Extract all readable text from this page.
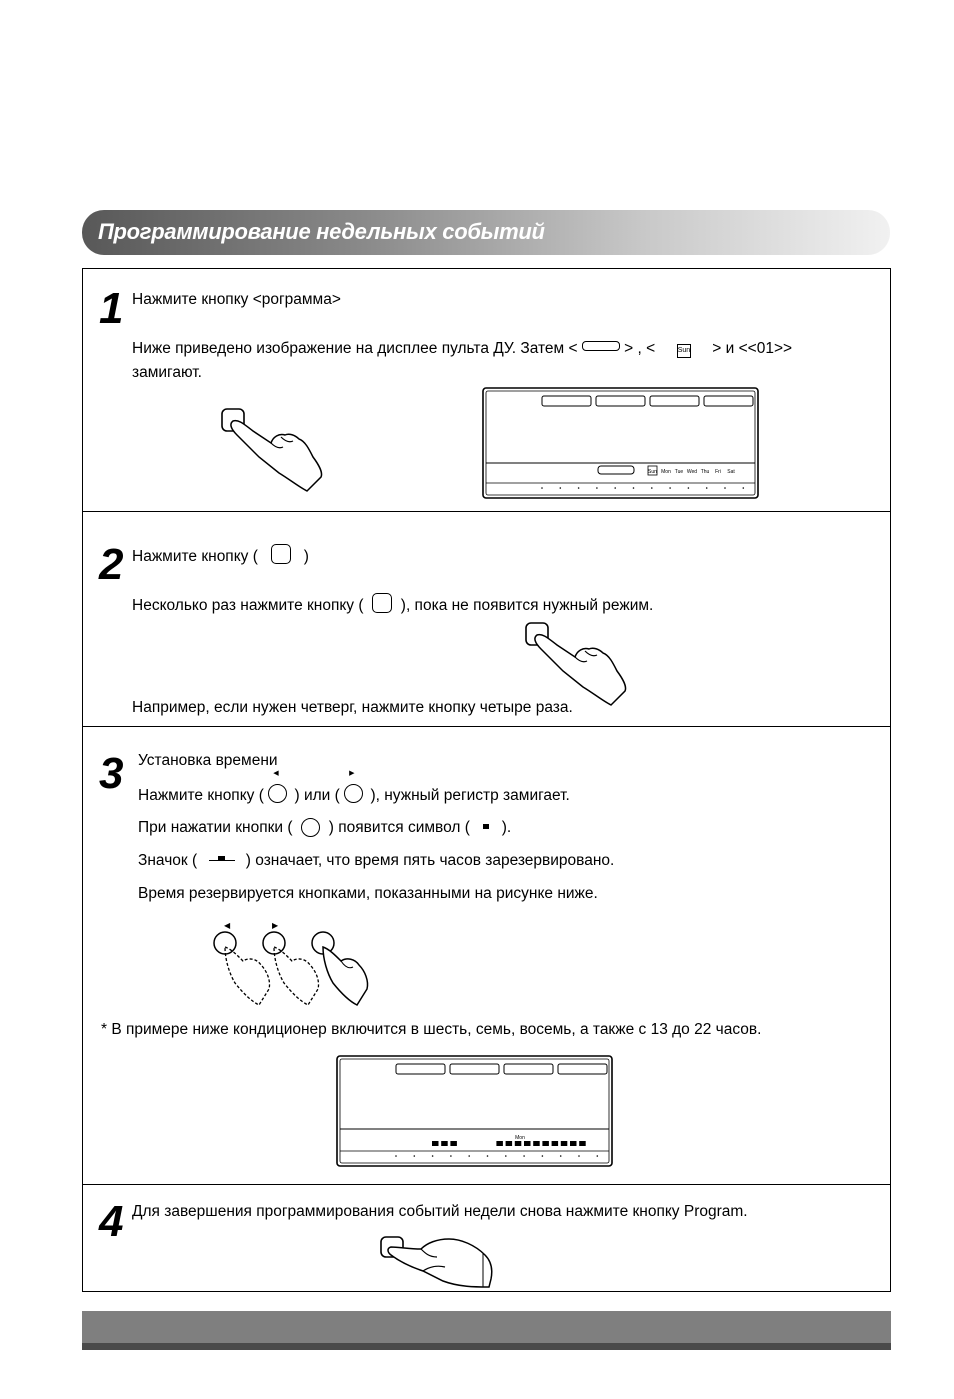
Программирование недельных событий
1 Нажмите кнопку <рограмма>
Ниже приведено изображение на дисплее пульта ДУ. Затем <	> , <	Sun > и <<01>>
замигают.
Sun Mon Tue Wed Thu Fri Sat
2 Нажмите кнопку (	)
Несколько раз нажмите кнопку ( ), пока не появится нужный режим.
Например, если нужен четверг, нажмите кнопку четыре раза.
3 Установка времени
Нажмите кнопку (
◀
) или (
▶
), нужный регистр замигает.
При нажатии кнопки ( ) появится символ ( ).
Значок (	) означает, что время пять часов зарезервировано.
Время резервируется кнопками, показанными на рисунке ниже.
◀	▶
* В примере ниже кондиционер включится в шесть, семь, восемь, а также с 13 до 22 часов.
Mon
4 Для завершения программирования событий недели снова нажмите кнопку Program.
